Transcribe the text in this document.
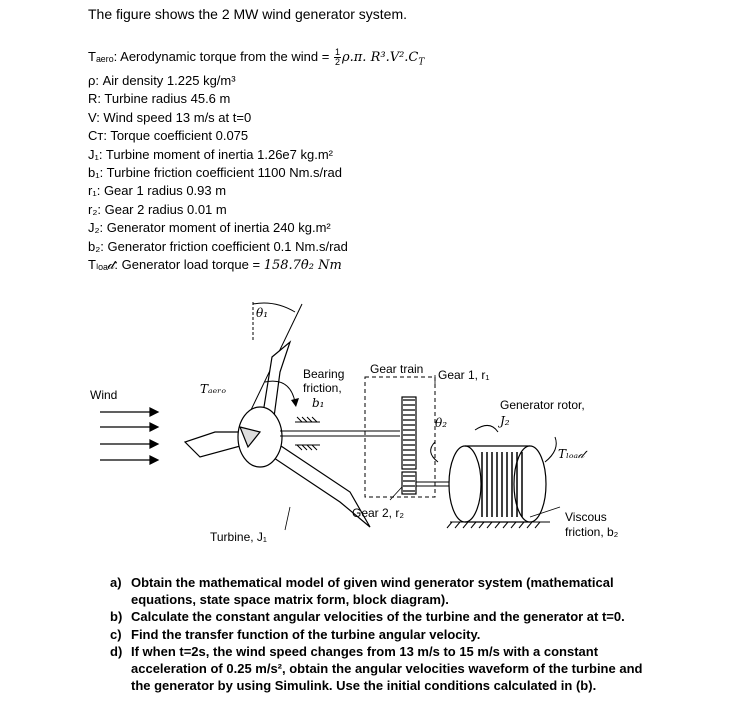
The figure shows the 2 MW wind generator system.
Tₐₑᵣₒ: Aerodynamic torque from the wind = $\frac{1}{2} \rho.\pi$. $R^3.V^2.C_T$
ρ: Air density 1.225 kg/m³
R: Turbine radius 45.6 m
V: Wind speed 13 m/s at t=0
Cᴛ: Torque coefficient 0.075
J₁: Turbine moment of inertia 1.26e7 kg.m²
b₁: Turbine friction coefficient 1100 Nm.s/rad
r₁: Gear 1 radius 0.93 m
r₂: Gear 2 radius 0.01 m
J₂: Generator moment of inertia 240 kg.m²
b₂: Generator friction coefficient 0.1 Nm.s/rad
Tₗₒₐ𝒹: Generator load torque = 158.7θ̇₂ Nm
θ₁
Wind	Tₐₑᵣₒ
Bearing
friction,
b₁
Gear train Gear 1, r₁
θ₂
Generator rotor,
J₂
Tₗₒₐ𝒹
Gear 2, r₂	Viscous
friction, b₂
Turbine, J₁
a) Obtain the mathematical model of given wind generator system (mathematical equations, state space matrix form, block diagram).
b) Calculate the constant angular velocities of the turbine and the generator at t=0.
c) Find the transfer function of the turbine angular velocity.
d) If when t=2s, the wind speed changes from 13 m/s to 15 m/s with a constant acceleration of 0.25 m/s², obtain the angular velocities waveform of the turbine and the generator by using Simulink. Use the initial conditions calculated in (b).
